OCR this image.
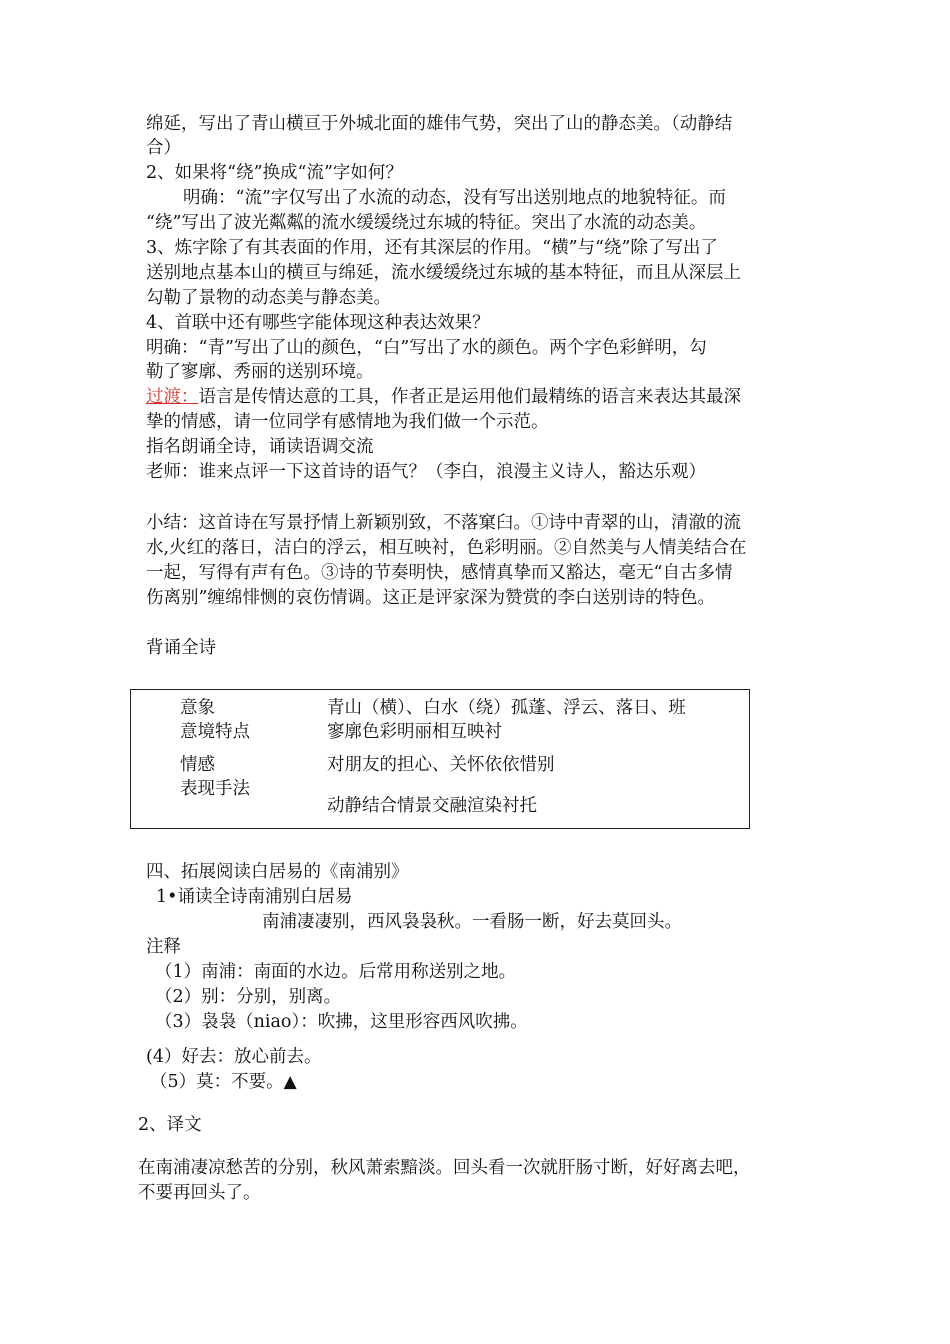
绵延，写出了青山横亘于外城北面的雄伟气势，突出了山的静态美。（动静结
合）
2、如果将“绕”换成“流”字如何？
明确：“流”字仅写出了水流的动态，没有写出送别地点的地貌特征。而
“绕”写出了波光粼粼的流水缓缓绕过东城的特征。突出了水流的动态美。
3、炼字除了有其表面的作用，还有其深层的作用。“横”与“绕”除了写出了
送别地点基本山的横亘与绵延，流水缓缓绕过东城的基本特征，而且从深层上
勾勒了景物的动态美与静态美。
4、首联中还有哪些字能体现这种表达效果？
明确：“青”写出了山的颜色，“白”写出了水的颜色。两个字色彩鲜明，勾
勒了寥廓、秀丽的送别环境。
过渡：语言是传情达意的工具，作者正是运用他们最精练的语言来表达其最深
挚的情感，请一位同学有感情地为我们做一个示范。
指名朗诵全诗，诵读语调交流
老师：谁来点评一下这首诗的语气？（李白，浪漫主义诗人，豁达乐观）
小结：这首诗在写景抒情上新颖别致，不落窠臼。①诗中青翠的山，清澈的流
水,火红的落日，洁白的浮云，相互映衬，色彩明丽。②自然美与人情美结合在
一起，写得有声有色。③诗的节奏明快，感情真挚而又豁达，毫无“自古多情
伤离别”缠绵悱恻的哀伤情调。这正是评家深为赞赏的李白送别诗的特色。
背诵全诗
意象
意境特点
情感
表现手法
青山（横）、白水（绕）孤蓬、浮云、落日、班
寥廓色彩明丽相互映衬
对朋友的担心、关怀依依惜别
动静结合情景交融渲染衬托
四、拓展阅读白居易的《南浦别》
1•诵读全诗南浦别白居易
南浦凄凄别，西风袅袅秋。一看肠一断，好去莫回头。
注释
（1）南浦：南面的水边。后常用称送别之地。
（2）别：分别，别离。
（3）袅袅（niao）：吹拂，这里形容西风吹拂。
(4）好去：放心前去。
（5）莫：不要。▲
2、译文
在南浦凄凉愁苦的分别，秋风萧索黯淡。回头看一次就肝肠寸断，好好离去吧，
不要再回头了。
